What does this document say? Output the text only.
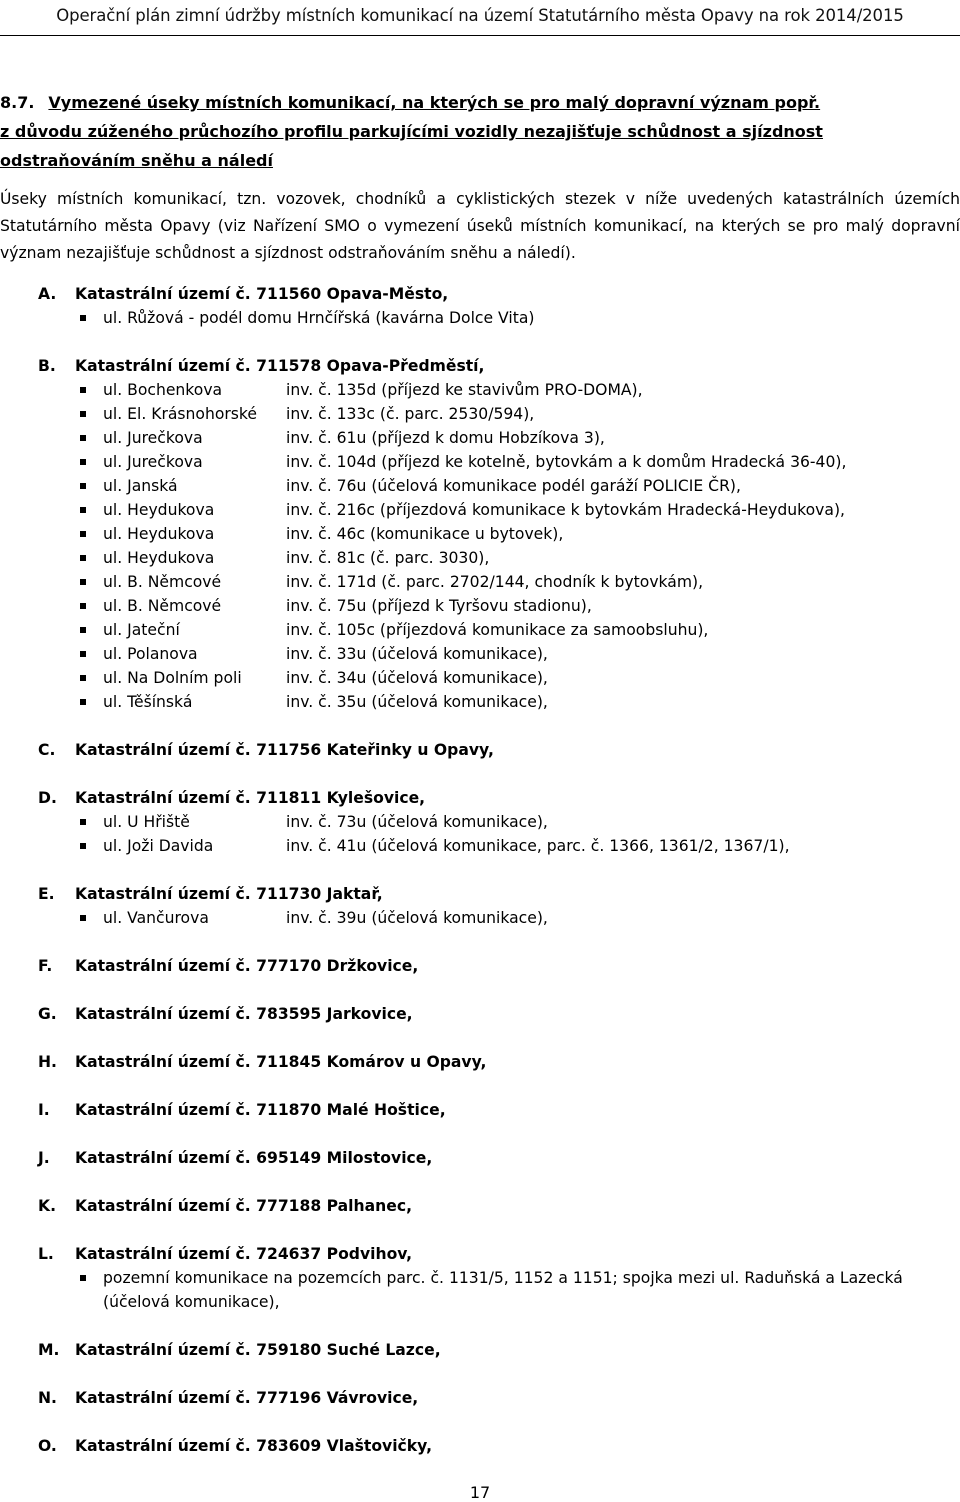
Operační plán zimní údržby místních komunikací na území Statutárního města Opavy na rok 2014/2015
8.7. Vymezené úseky místních komunikací, na kterých se pro malý dopravní význam popř.
z důvodu zúženého průchozího profilu parkujícími vozidly nezajišťuje schůdnost a sjízdnost
odstraňováním sněhu a náledí
Úseky místních komunikací, tzn. vozovek, chodníků a cyklistických stezek v níže uvedených katastrálních územích Statutárního města Opavy (viz Nařízení SMO o vymezení úseků místních komunikací, na kterých se pro malý dopravní význam nezajišťuje schůdnost a sjízdnost odstraňováním sněhu a náledí).
A. Katastrální území č. 711560 Opava-Město,
ul. Růžová - podél domu Hrnčířská (kavárna Dolce Vita)
B. Katastrální území č. 711578 Opava-Předměstí,
ul. Bochenkova	inv. č. 135d (příjezd ke stavivům PRO-DOMA),
ul. El. Krásnohorské inv. č. 133c (č. parc. 2530/594),
ul. Jurečkova	inv. č. 61u (příjezd k domu Hobzíkova 3),
ul. Jurečkova	inv. č. 104d (příjezd ke kotelně, bytovkám a k domům Hradecká 36-40),
ul. Janská	inv. č. 76u (účelová komunikace podél garáží POLICIE ČR),
ul. Heydukova	inv. č. 216c (příjezdová komunikace k bytovkám Hradecká-Heydukova),
ul. Heydukova	inv. č. 46c (komunikace u bytovek),
ul. Heydukova	inv. č. 81c (č. parc. 3030),
ul. B. Němcové	inv. č. 171d (č. parc. 2702/144, chodník k bytovkám),
ul. B. Němcové	inv. č. 75u (příjezd k Tyršovu stadionu),
ul. Jateční	inv. č. 105c (příjezdová komunikace za samoobsluhu),
ul. Polanova	inv. č. 33u (účelová komunikace),
ul. Na Dolním poli	inv. č. 34u (účelová komunikace),
ul. Těšínská	inv. č. 35u (účelová komunikace),
C. Katastrální území č. 711756 Kateřinky u Opavy,
D. Katastrální území č. 711811 Kylešovice,
ul. U Hřiště	inv. č. 73u (účelová komunikace),
ul. Joži Davida	inv. č. 41u (účelová komunikace, parc. č. 1366, 1361/2, 1367/1),
E. Katastrální území č. 711730 Jaktař,
ul. Vančurova	inv. č. 39u (účelová komunikace),
F. Katastrální území č. 777170 Držkovice,
G. Katastrální území č. 783595 Jarkovice,
H. Katastrální území č. 711845 Komárov u Opavy,
I. Katastrální území č. 711870 Malé Hoštice,
J. Katastrální území č. 695149 Milostovice,
K. Katastrální území č. 777188 Palhanec,
L. Katastrální území č. 724637 Podvihov,
pozemní komunikace na pozemcích parc. č. 1131/5, 1152 a 1151; spojka mezi ul. Raduňská a Lazecká (účelová komunikace),
M. Katastrální území č. 759180 Suché Lazce,
N. Katastrální území č. 777196 Vávrovice,
O. Katastrální území č. 783609 Vlaštovičky,
17
